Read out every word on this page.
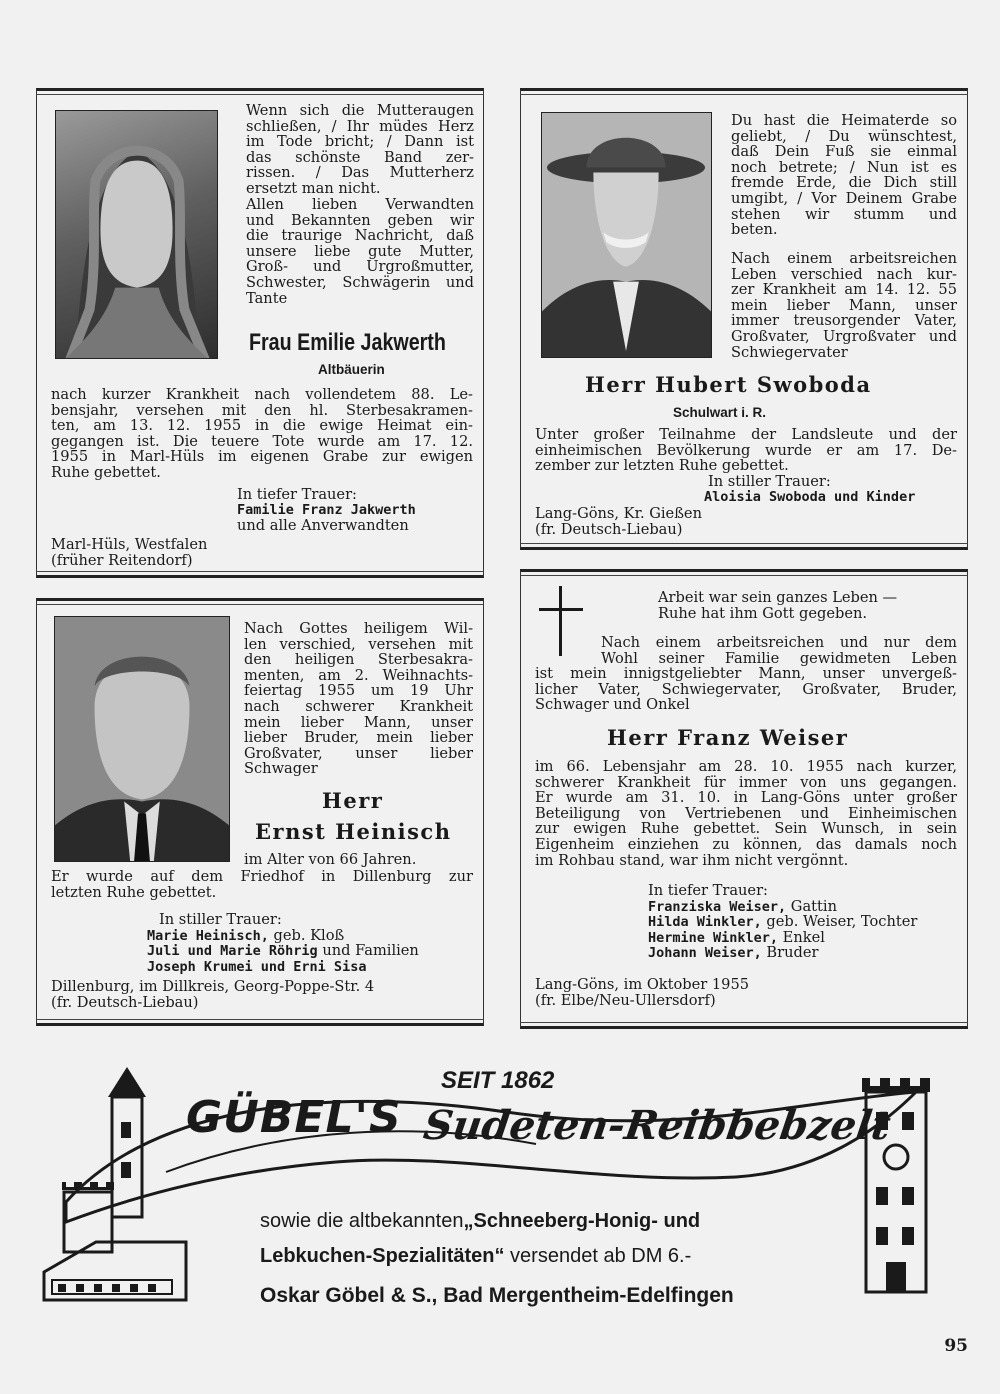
Wenn sich die Mutteraugen
schließen, / Ihr müdes Herz
im Tode bricht; / Dann ist
das schönste Band zer-
rissen. / Das Mutterherz
ersetzt man nicht.
Allen lieben Verwandten
und Bekannten geben wir
die traurige Nachricht, daß
unsere liebe gute Mutter,
Groß- und Urgroßmutter,
Schwester, Schwägerin und
Tante
Frau Emilie Jakwerth
Altbäuerin
nach kurzer Krankheit nach vollendetem 88. Le-
bensjahr, versehen mit den hl. Sterbesakramen-
ten, am 13. 12. 1955 in die ewige Heimat ein-
gegangen ist. Die teuere Tote wurde am 17. 12.
1955 in Marl-Hüls im eigenen Grabe zur ewigen
Ruhe gebettet.
In tiefer Trauer:
Familie Franz Jakwerth
und alle Anverwandten
Marl-Hüls, Westfalen
(früher Reitendorf)
Du hast die Heimaterde so
geliebt, / Du wünschtest,
daß Dein Fuß sie einmal
noch betrete; / Nun ist es
fremde Erde, die Dich still
umgibt, / Vor Deinem Grabe
stehen wir stumm und
beten.
Nach einem arbeitsreichen
Leben verschied nach kur-
zer Krankheit am 14. 12. 55
mein lieber Mann, unser
immer treusorgender Vater,
Großvater, Urgroßvater und
Schwiegervater
Herr Hubert Swoboda
Schulwart i. R.
Unter großer Teilnahme der Landsleute und der
einheimischen Bevölkerung wurde er am 17. De-
zember zur letzten Ruhe gebettet.
In stiller Trauer:
Aloisia Swoboda und Kinder
Lang-Göns, Kr. Gießen
(fr. Deutsch-Liebau)
Nach Gottes heiligem Wil-
len verschied, versehen mit
den heiligen Sterbesakra-
menten, am 2. Weihnachts-
feiertag 1955 um 19 Uhr
nach schwerer Krankheit
mein lieber Mann, unser
lieber Bruder, mein lieber
Großvater, unser lieber
Schwager
Herr
Ernst Heinisch
im Alter von 66 Jahren.
Er wurde auf dem Friedhof in Dillenburg zur
letzten Ruhe gebettet.
In stiller Trauer:
Marie Heinisch, geb. Kloß
Juli und Marie Röhrig und Familien
Joseph Krumei und Erni Sisa
Dillenburg, im Dillkreis, Georg-Poppe-Str. 4
(fr. Deutsch-Liebau)
Arbeit war sein ganzes Leben —
Ruhe hat ihm Gott gegeben.
Nach einem arbeitsreichen und nur dem
Wohl seiner Familie gewidmeten Leben
ist mein innigstgeliebter Mann, unser unvergeß-
licher Vater, Schwiegervater, Großvater, Bruder,
Schwager und Onkel
Herr Franz Weiser
im 66. Lebensjahr am 28. 10. 1955 nach kurzer,
schwerer Krankheit für immer von uns gegangen.
Er wurde am 31. 10. in Lang-Göns unter großer
Beteiligung von Vertriebenen und Einheimischen
zur ewigen Ruhe gebettet. Sein Wunsch, in sein
Eigenheim einziehen zu können, das damals noch
im Rohbau stand, war ihm nicht vergönnt.
In tiefer Trauer:
Franziska Weiser, Gattin
Hilda Winkler, geb. Weiser, Tochter
Hermine Winkler, Enkel
Johann Weiser, Bruder
Lang-Göns, im Oktober 1955
(fr. Elbe/Neu-Ullersdorf)
SEIT 1862
GÜBEL'S Sudeten-Reibbebzelt
sowie die altbekannten„Schneeberg-Honig- und
Lebkuchen-Spezialitäten“ versendet ab DM 6.-
Oskar Göbel & S., Bad Mergentheim-Edelfingen
95
